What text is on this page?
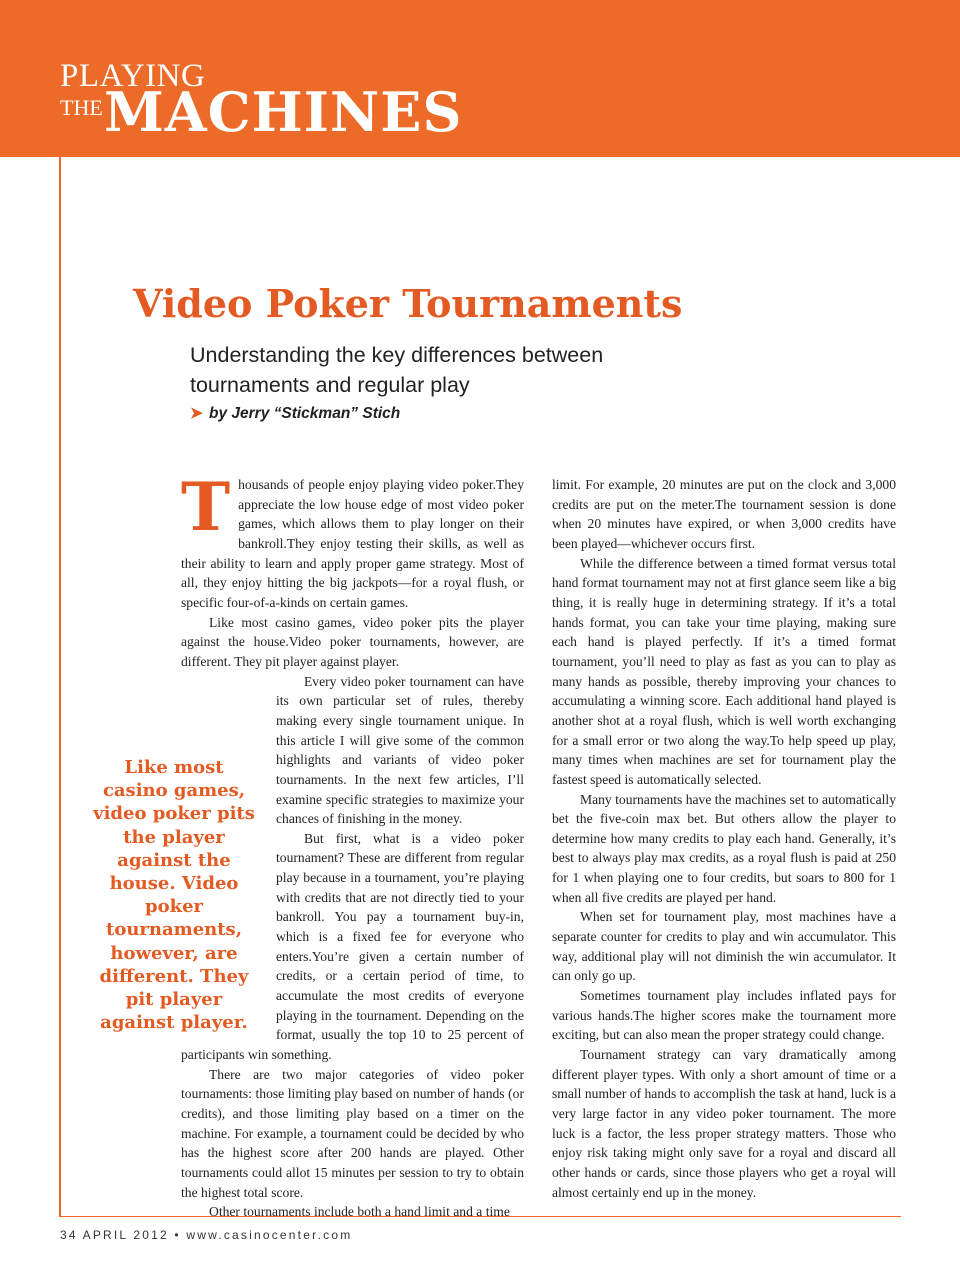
PLAYING
THE MACHINES
Video Poker Tournaments
Understanding the key differences between tournaments and regular play
➤ by Jerry “Stickman” Stich

Thousands of people enjoy playing video poker.They appreciate the low house edge of most video poker games, which allows them to play longer on their bankroll.They enjoy testing their skills, as well as their ability to learn and apply proper game strategy. Most of all, they enjoy hitting the big jackpots—for a royal flush, or specific four-of-a-kinds on certain games.

Like most casino games, video poker pits the player against the house.Video poker tournaments, however, are different. They pit player against player.

Every video poker tournament can have its own particular set of rules, thereby making every single tournament unique. In this article I will give some of the common highlights and variants of video poker tournaments. In the next few articles, I’ll examine specific strategies to maximize your chances of finishing in the money.

But first, what is a video poker tournament? These are different from regular play because in a tournament, you’re playing with credits that are not directly tied to your bankroll. You pay a tournament buy-in, which is a fixed fee for everyone who enters.You’re given a certain number of credits, or a certain period of time, to accumulate the most credits of everyone playing in the tournament. Depending on the format, usually the top 10 to 25 percent of participants win something.

There are two major categories of video poker tournaments: those limiting play based on number of hands (or credits), and those limiting play based on a timer on the machine. For example, a tournament could be decided by who has the highest score after 200 hands are played. Other tournaments could allot 15 minutes per session to try to obtain the highest total score.

Other tournaments include both a hand limit and a time

Like most casino games, video poker pits the player against the house. Video poker tournaments, however, are different. They pit player against player.

limit. For example, 20 minutes are put on the clock and 3,000 credits are put on the meter.The tournament session is done when 20 minutes have expired, or when 3,000 credits have been played—whichever occurs first.

While the difference between a timed format versus total hand format tournament may not at first glance seem like a big thing, it is really huge in determining strategy. If it’s a total hands format, you can take your time playing, making sure each hand is played perfectly. If it’s a timed format tournament, you’ll need to play as fast as you can to play as many hands as possible, thereby improving your chances to accumulating a winning score. Each additional hand played is another shot at a royal flush, which is well worth exchanging for a small error or two along the way.To help speed up play, many times when machines are set for tournament play the fastest speed is automatically selected.

Many tournaments have the machines set to automatically bet the five-coin max bet. But others allow the player to determine how many credits to play each hand. Generally, it’s best to always play max credits, as a royal flush is paid at 250 for 1 when playing one to four credits, but soars to 800 for 1 when all five credits are played per hand.

When set for tournament play, most machines have a separate counter for credits to play and win accumulator. This way, additional play will not diminish the win accumulator. It can only go up.

Sometimes tournament play includes inflated pays for various hands.The higher scores make the tournament more exciting, but can also mean the proper strategy could change.

Tournament strategy can vary dramatically among different player types. With only a short amount of time or a small number of hands to accomplish the task at hand, luck is a very large factor in any video poker tournament. The more luck is a factor, the less proper strategy matters. Those who enjoy risk taking might only save for a royal and discard all other hands or cards, since those players who get a royal will almost certainly end up in the money.

34 APRIL 2012 • www.casinocenter.com
